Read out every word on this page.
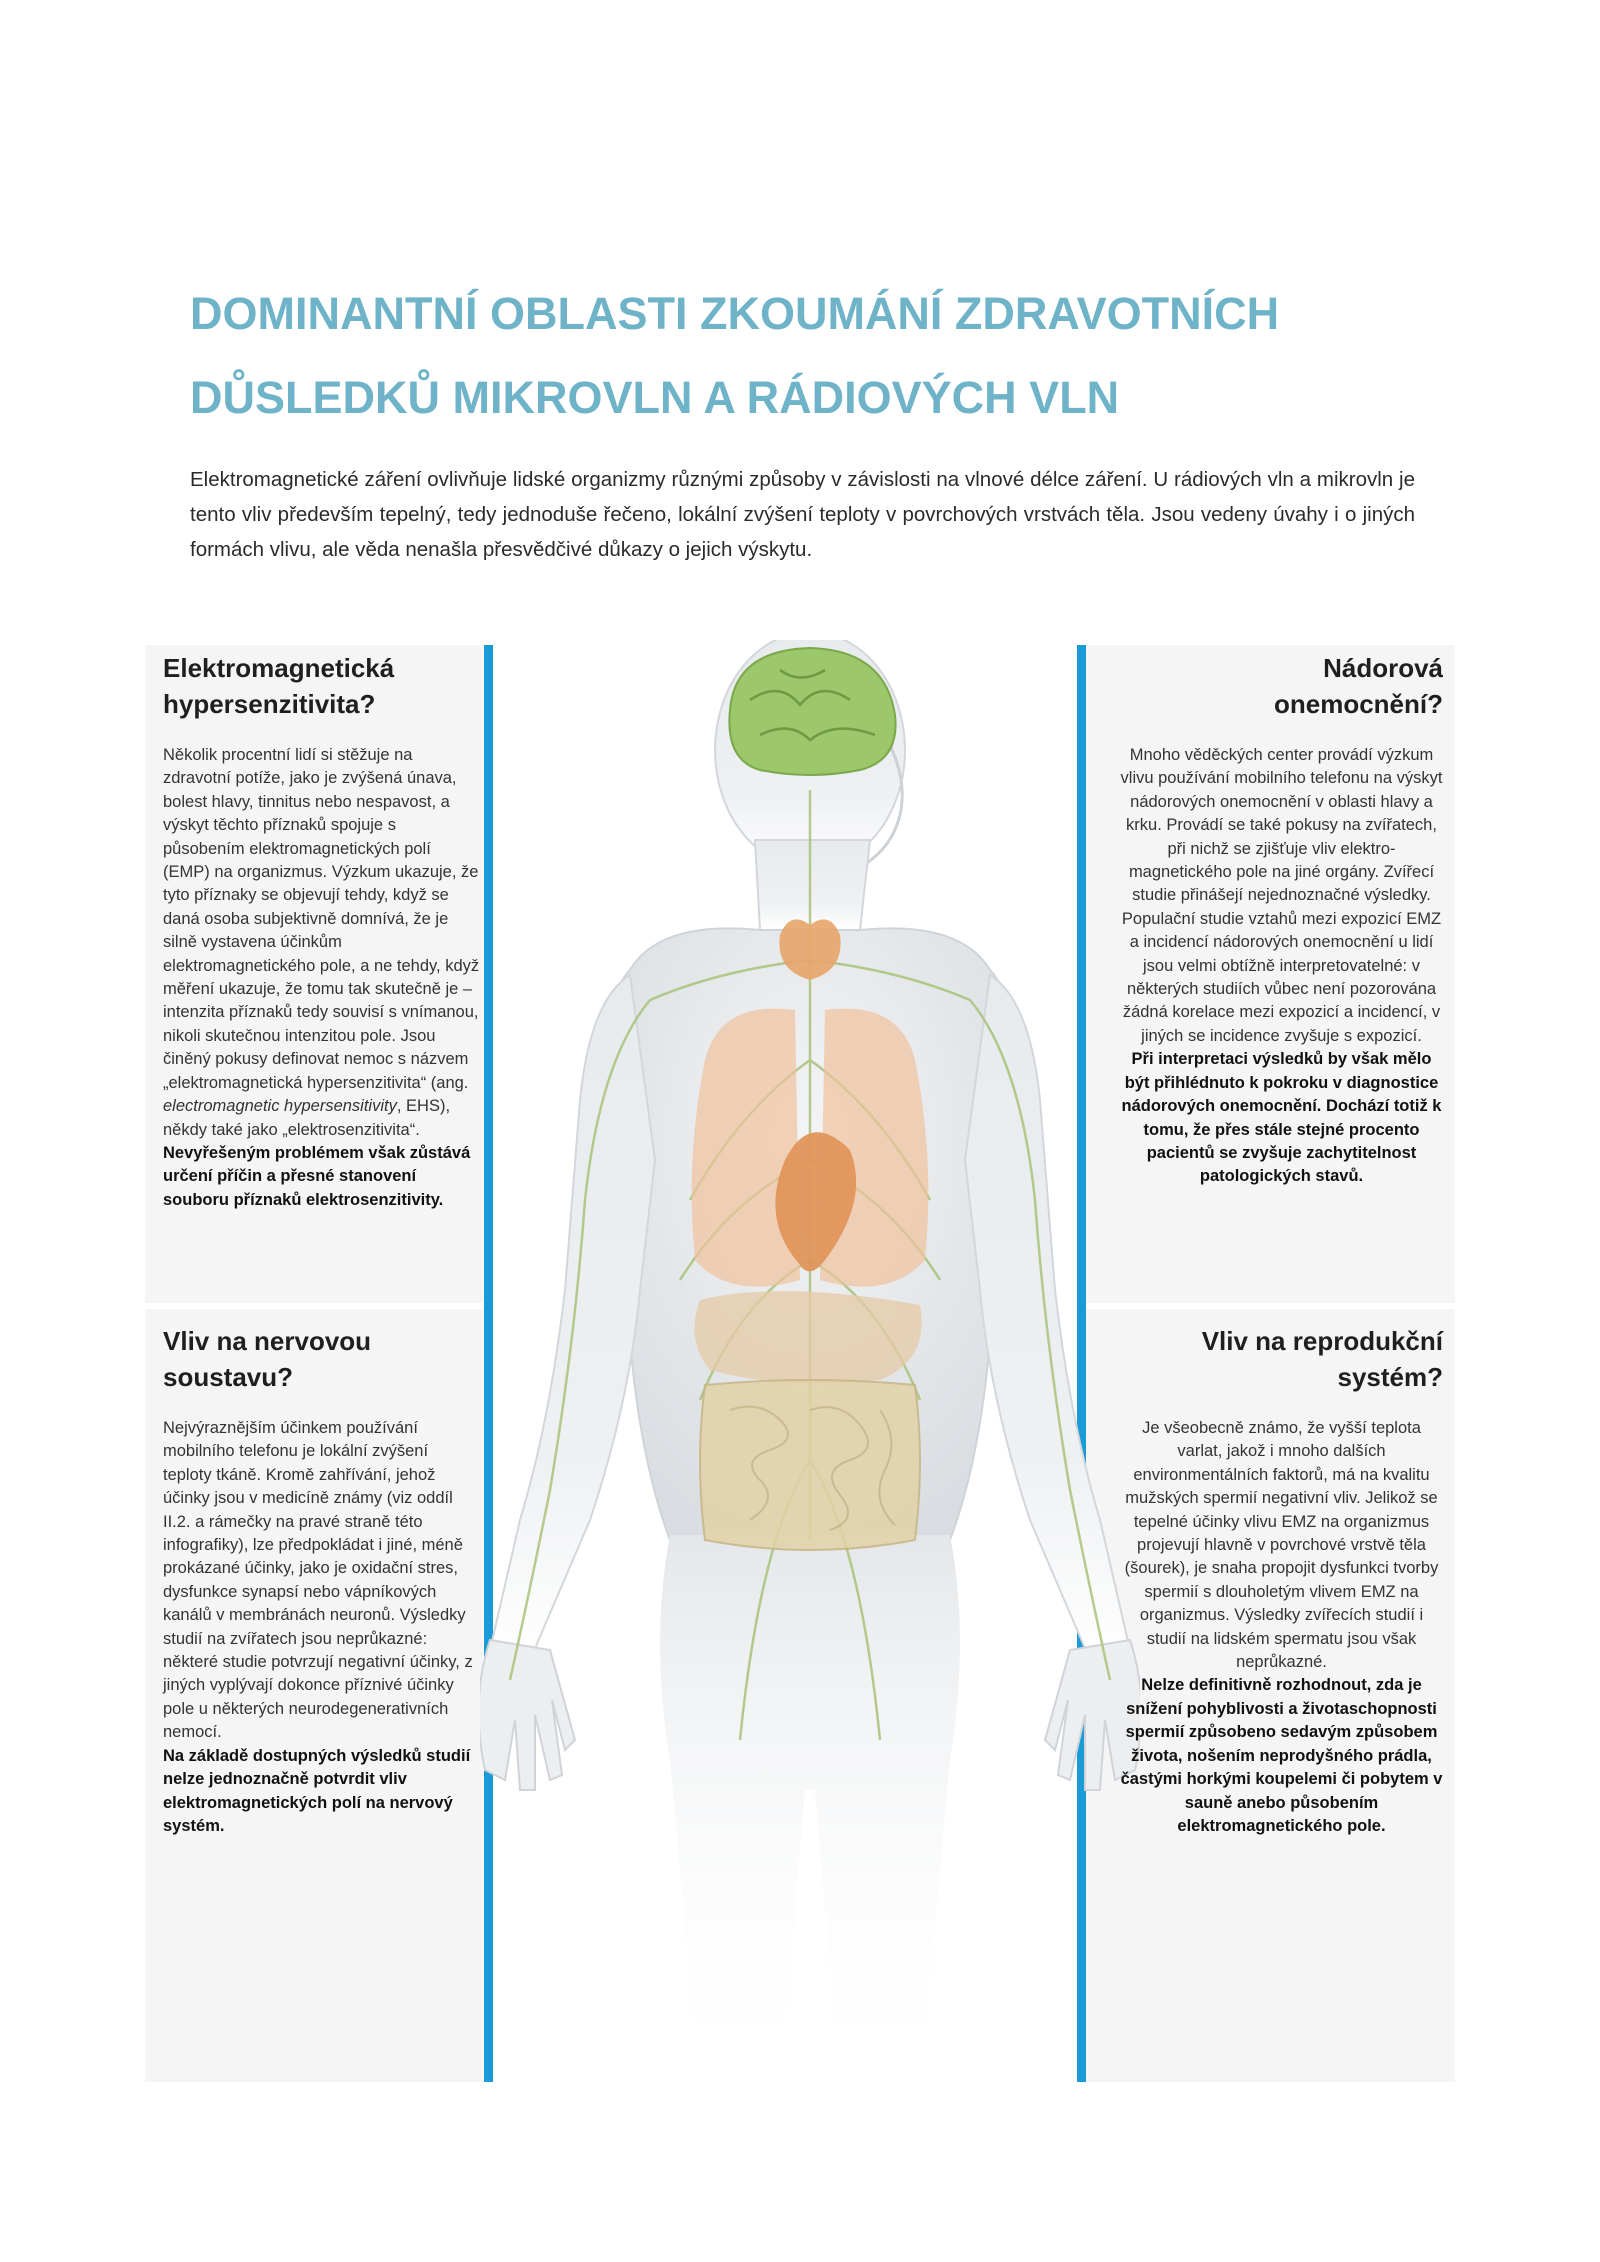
DOMINANTNÍ OBLASTI ZKOUMÁNÍ ZDRAVOTNÍCH
DŮSLEDKŮ MIKROVLN A RÁDIOVÝCH VLN

Elektromagnetické záření ovlivňuje lidské organizmy různými způsoby v závislosti na vlnové délce záření. U rádiových vln a mikrovln je tento vliv především tepelný, tedy jednoduše řečeno, lokální zvýšení teploty v povrchových vrstvách těla. Jsou vedeny úvahy i o jiných formách vlivu, ale věda nenašla přesvědčivé důkazy o jejich výskytu.

Elektromagnetická
hypersenzitivita?

Několik procentní lidí si stěžuje na zdravotní potíže, jako je zvýšená únava, bolest hlavy, tinnitus nebo nespavost, a výskyt těchto příznaků spojuje s působením elektromagnetických polí (EMP) na organizmus. Výzkum ukazuje, že tyto příznaky se objevují tehdy, když se daná osoba subjektivně domnívá, že je silně vystavena účinkům elektromagnetického pole, a ne tehdy, když měření ukazuje, že tomu tak skutečně je – intenzita příznaků tedy souvisí s vnímanou, nikoli skutečnou intenzitou pole. Jsou činěný pokusy definovat nemoc s názvem „elektromagnetická hypersenzitivita“ (ang. electromagnetic hypersensitivity, EHS), někdy také jako „elektrosenzitivita“.
Nevyřešeným problémem však zůstává určení příčin a přesné stanovení souboru příznaků elektrosenzitivity.

Nádorová
onemocnění?

Mnoho věděckých center provádí výzkum vlivu používání mobilního telefonu na výskyt nádorových onemocnění v oblasti hlavy a krku. Provádí se také pokusy na zvířatech, při nichž se zjišťuje vliv elektro-magnetického pole na jiné orgány. Zvířecí studie přinášejí nejednoznačné výsledky. Populační studie vztahů mezi expozicí EMZ a incidencí nádorových onemocnění u lidí jsou velmi obtížně interpretovatelné: v některých studiích vůbec není pozorována žádná korelace mezi expozicí a incidencí, v jiných se incidence zvyšuje s expozicí.
Při interpretaci výsledků by však mělo být přihlédnuto k pokroku v diagnostice nádorových onemocnění. Dochází totiž k tomu, že přes stále stejné procento pacientů se zvyšuje zachytitelnost patologických stavů.

Vliv na nervovou
soustavu?

Nejvýraznějším účinkem používání mobilního telefonu je lokální zvýšení teploty tkáně. Kromě zahřívání, jehož účinky jsou v medicíně známy (viz oddíl II.2. a rámečky na pravé straně této infografiky), lze předpokládat i jiné, méně prokázané účinky, jako je oxidační stres, dysfunkce synapsí nebo vápníkových kanálů v membránách neuronů. Výsledky studií na zvířatech jsou neprůkazné: některé studie potvrzují negativní účinky, z jiných vyplývají dokonce příznivé účinky pole u některých neurodegenerativních nemocí.
Na základě dostupných výsledků studií nelze jednoznačně potvrdit vliv elektromagnetických polí na nervový systém.

Vliv na reprodukční
systém?

Je všeobecně známo, že vyšší teplota varlat, jakož i mnoho dalších environmentálních faktorů, má na kvalitu mužských spermií negativní vliv. Jelikož se tepelné účinky vlivu EMZ na organizmus projevují hlavně v povrchové vrstvě těla (šourek), je snaha propojit dysfunkci tvorby spermií s dlouholetým vlivem EMZ na organizmus. Výsledky zvířecích studií i studií na lidském spermatu jsou však neprůkazné.
Nelze definitivně rozhodnout, zda je snížení pohyblivosti a životaschopnosti spermií způsobeno sedavým způsobem života, nošením neprodyšného prádla, častými horkými koupelemi či pobytem v sauně anebo působením elektromagnetického pole.
